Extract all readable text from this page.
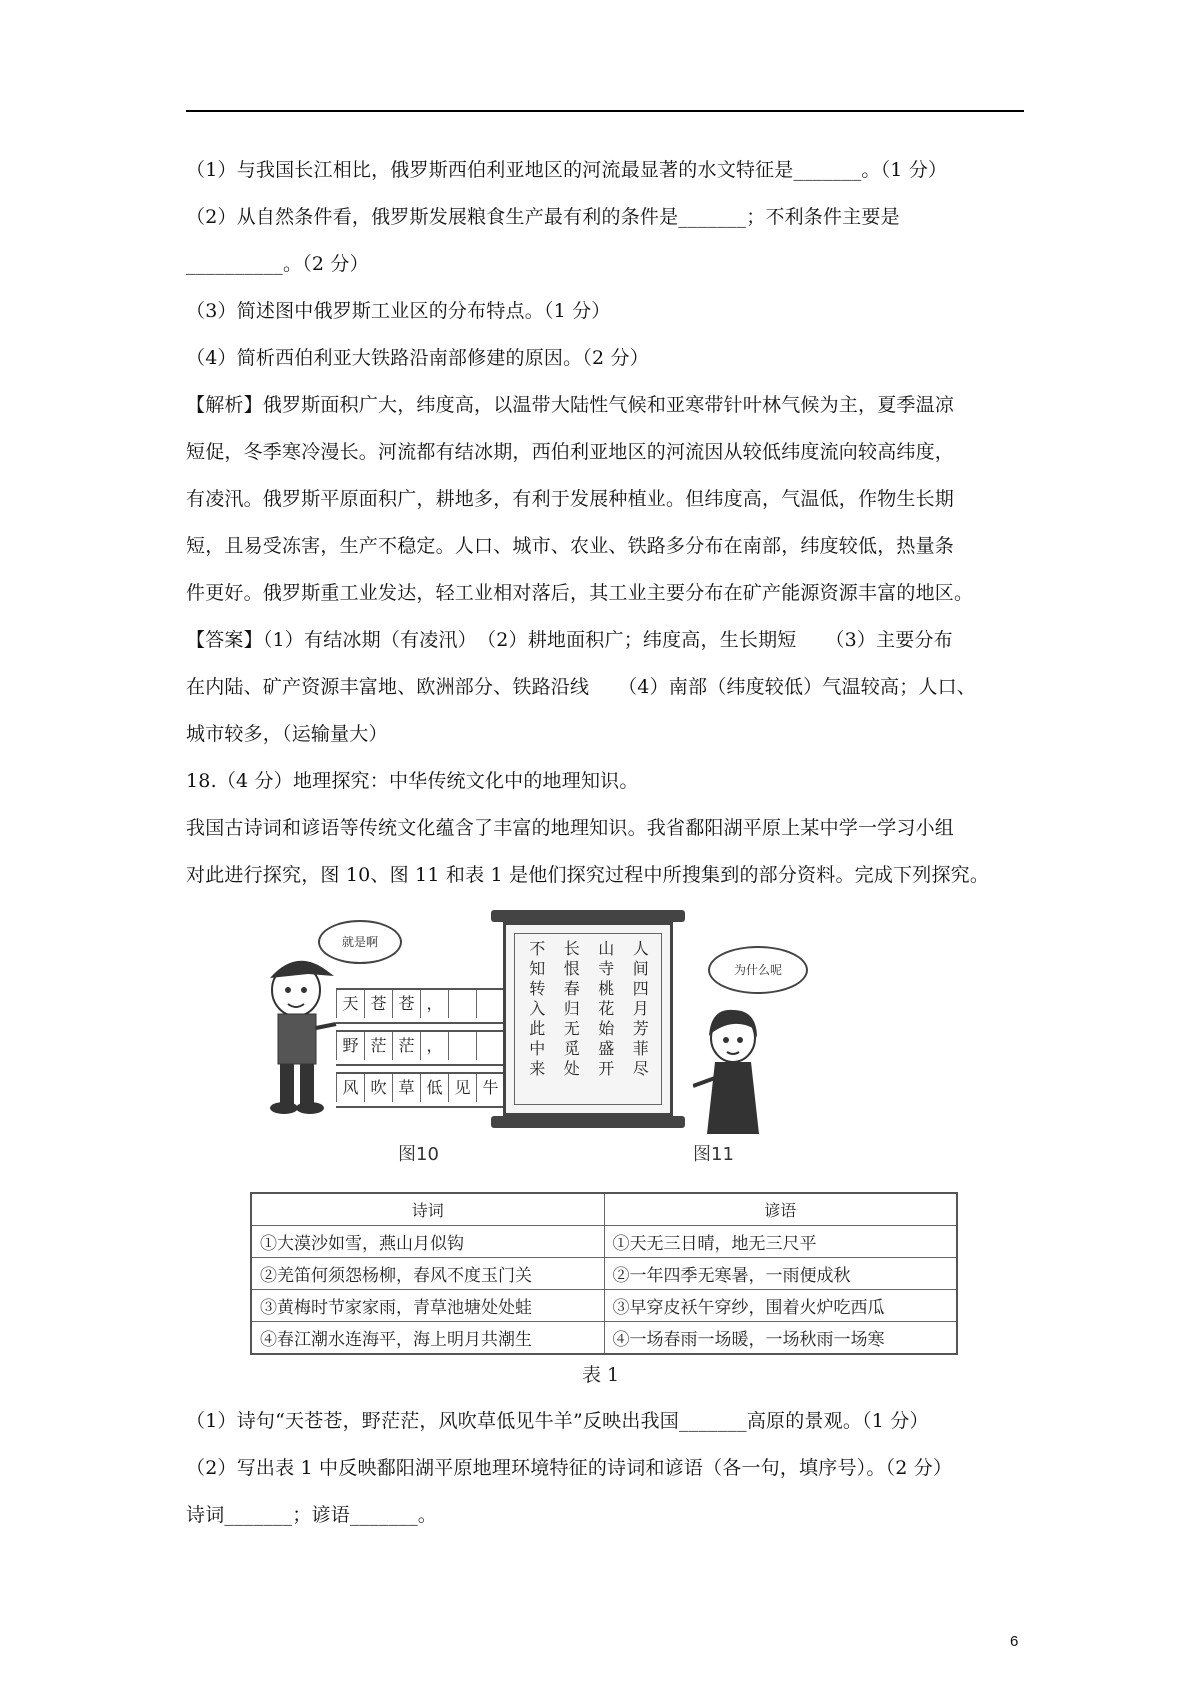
（1）与我国长江相比，俄罗斯西伯利亚地区的河流最显著的水文特征是_______。（1 分）
（2）从自然条件看，俄罗斯发展粮食生产最有利的条件是_______；不利条件主要是
__________。（2 分）
（3）简述图中俄罗斯工业区的分布特点。（1 分）
（4）简析西伯利亚大铁路沿南部修建的原因。（2 分）
【解析】俄罗斯面积广大，纬度高，以温带大陆性气候和亚寒带针叶林气候为主，夏季温凉
短促，冬季寒冷漫长。河流都有结冰期，西伯利亚地区的河流因从较低纬度流向较高纬度，
有凌汛。俄罗斯平原面积广，耕地多，有利于发展种植业。但纬度高，气温低，作物生长期
短，且易受冻害，生产不稳定。人口、城市、农业、铁路多分布在南部，纬度较低，热量条
件更好。俄罗斯重工业发达，轻工业相对落后，其工业主要分布在矿产能源资源丰富的地区。
【答案】（1）有结冰期（有凌汛）　（2）耕地面积广；纬度高，生长期短　　（3）主要分布
在内陆、矿产资源丰富地、欧洲部分、铁路沿线　　（4）南部（纬度较低）气温较高；人口、
城市较多，（运输量大）
18.（4 分）地理探究：中华传统文化中的地理知识。
我国古诗词和谚语等传统文化蕴含了丰富的地理知识。我省鄱阳湖平原上某中学一学习小组
对此进行探究，图 10、图 11 和表 1 是他们探究过程中所搜集到的部分资料。完成下列探究。
就是啊
天 苍 苍 ，
野 茫 茫 ，
风 吹 草 低 见 牛
图10
人间四月芳菲尽
山寺桃花始盛开
长恨春归无觅处
不知转入此中来	为什么呢
图11
诗词	谚语
①大漠沙如雪，燕山月似钩	①天无三日晴，地无三尺平
②羌笛何须怨杨柳，春风不度玉门关	②一年四季无寒暑，一雨便成秋
③黄梅时节家家雨，青草池塘处处蛙	③早穿皮袄午穿纱，围着火炉吃西瓜
④春江潮水连海平，海上明月共潮生	④一场春雨一场暖，一场秋雨一场寒
表 1
（1）诗句“天苍苍，野茫茫，风吹草低见牛羊”反映出我国_______高原的景观。（1 分）
（2）写出表 1 中反映鄱阳湖平原地理环境特征的诗词和谚语（各一句，填序号）。（2 分）
诗词_______；谚语_______。
6
